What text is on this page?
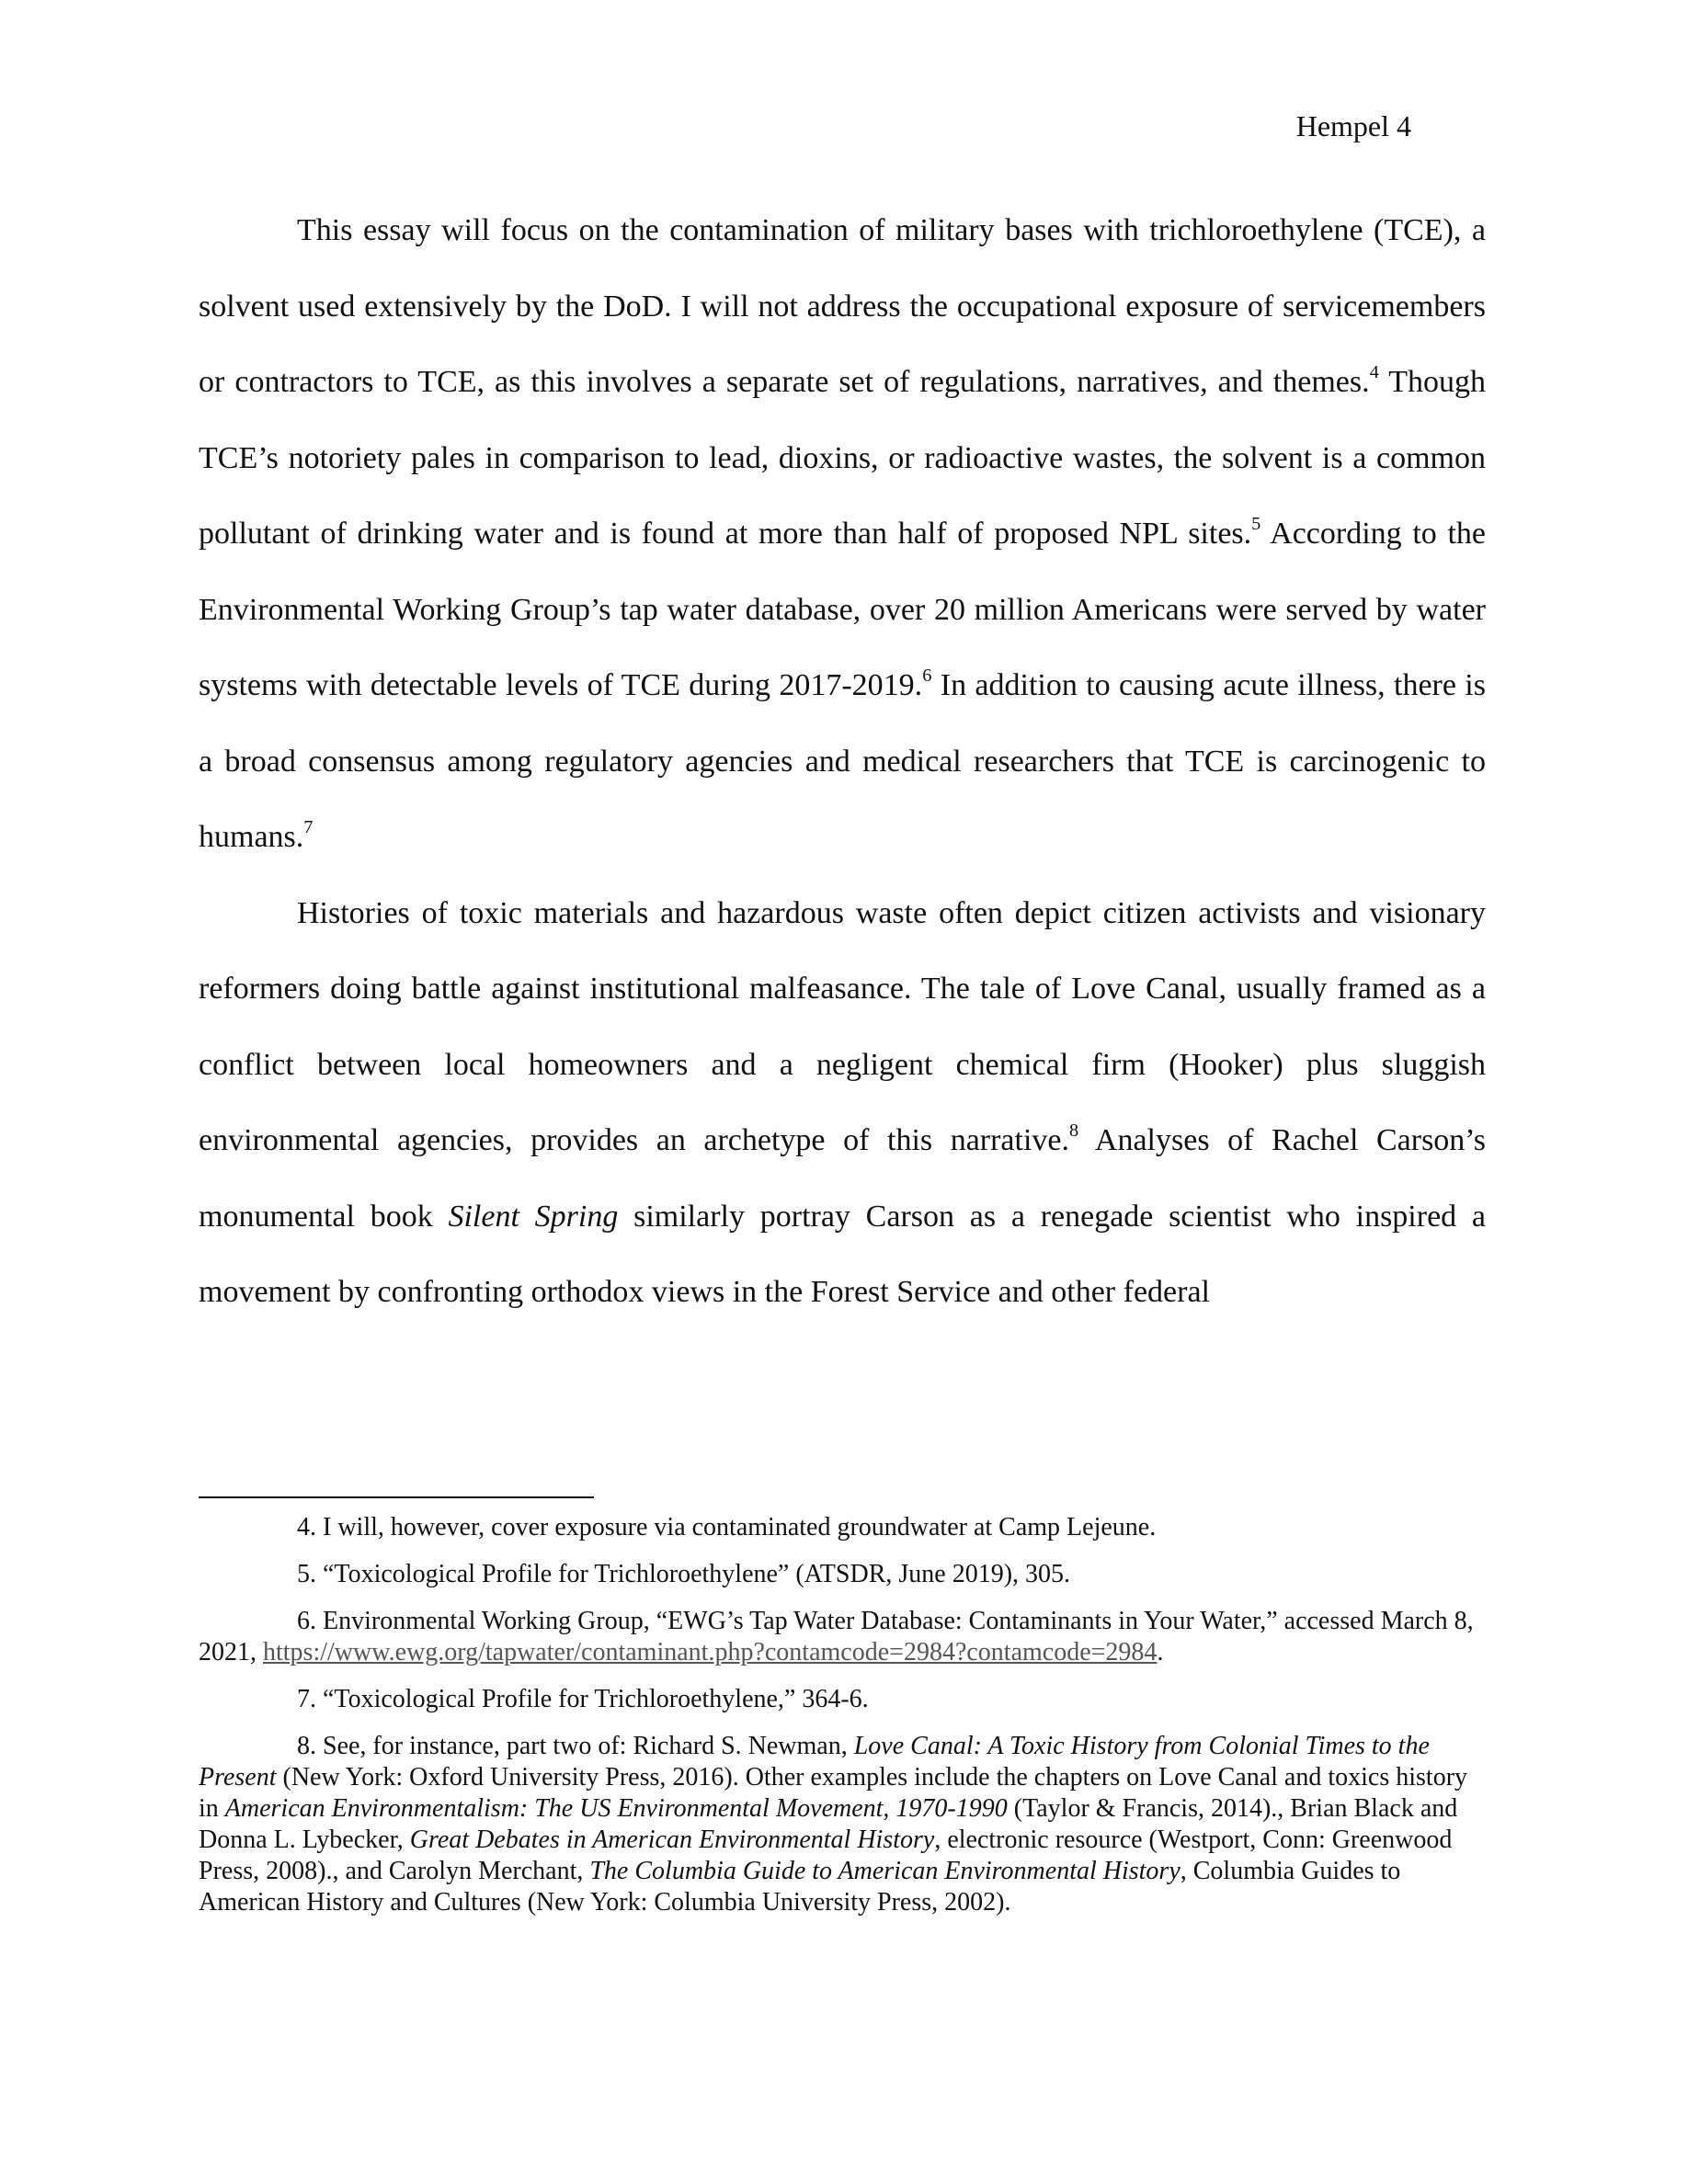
Hempel 4

This essay will focus on the contamination of military bases with trichloroethylene (TCE), a solvent used extensively by the DoD. I will not address the occupational exposure of servicemembers or contractors to TCE, as this involves a separate set of regulations, narratives, and themes.$^4$ Though TCE’s notoriety pales in comparison to lead, dioxins, or radioactive wastes, the solvent is a common pollutant of drinking water and is found at more than half of proposed NPL sites.$^5$ According to the Environmental Working Group’s tap water database, over 20 million Americans were served by water systems with detectable levels of TCE during 2017-2019.$^6$ In addition to causing acute illness, there is a broad consensus among regulatory agencies and medical researchers that TCE is carcinogenic to humans.$^7$

Histories of toxic materials and hazardous waste often depict citizen activists and visionary reformers doing battle against institutional malfeasance. The tale of Love Canal, usually framed as a conflict between local homeowners and a negligent chemical firm (Hooker) plus sluggish environmental agencies, provides an archetype of this narrative.$^8$ Analyses of Rachel Carson’s monumental book Silent Spring similarly portray Carson as a renegade scientist who inspired a movement by confronting orthodox views in the Forest Service and other federal

4. I will, however, cover exposure via contaminated groundwater at Camp Lejeune.

5. “Toxicological Profile for Trichloroethylene” (ATSDR, June 2019), 305.

6. Environmental Working Group, “EWG’s Tap Water Database: Contaminants in Your Water,” accessed March 8, 2021, https://www.ewg.org/tapwater/contaminant.php?contamcode=2984?contamcode=2984.

7. “Toxicological Profile for Trichloroethylene,” 364-6.

8. See, for instance, part two of: Richard S. Newman, Love Canal: A Toxic History from Colonial Times to the Present (New York: Oxford University Press, 2016). Other examples include the chapters on Love Canal and toxics history in American Environmentalism: The US Environmental Movement, 1970-1990 (Taylor & Francis, 2014)., Brian Black and Donna L. Lybecker, Great Debates in American Environmental History, electronic resource (Westport, Conn: Greenwood Press, 2008)., and Carolyn Merchant, The Columbia Guide to American Environmental History, Columbia Guides to American History and Cultures (New York: Columbia University Press, 2002).
